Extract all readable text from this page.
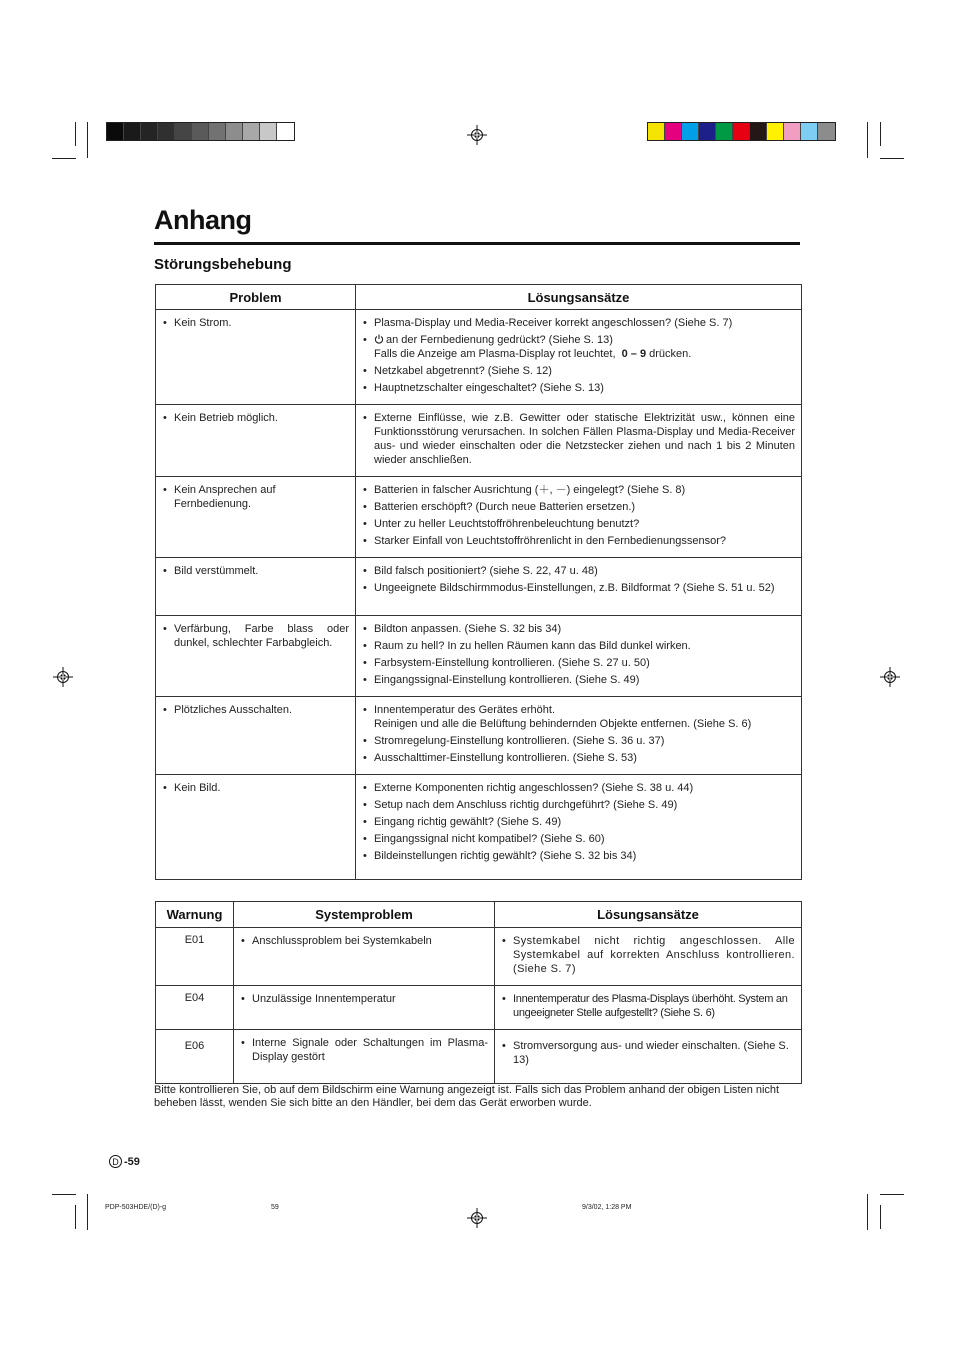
Anhang
Störungsbehebung
Problem	Lösungsansätze

• Kein Strom.	• Plasma-Display und Media-Receiver korrekt angeschlossen? (Siehe S. 7)
• an der Fernbedienung gedrückt? (Siehe S. 13)
Falls die Anzeige am Plasma-Display rot leuchtet, 0 – 9 drücken.
• Netzkabel abgetrennt? (Siehe S. 12)
• Hauptnetzschalter eingeschaltet? (Siehe S. 13)

• Kein Betrieb möglich.	• Externe Einflüsse, wie z.B. Gewitter oder statische Elektrizität usw., können eine Funktionsstörung verursachen. In solchen Fällen Plasma-Display und Media-Receiver aus- und wieder einschalten oder die Netzstecker ziehen und nach 1 bis 2 Minuten wieder anschließen.

• Kein Ansprechen auf Fernbedienung.	• Batterien in falscher Ausrichtung (＋, －) eingelegt? (Siehe S. 8)
• Batterien erschöpft? (Durch neue Batterien ersetzen.)
• Unter zu heller Leuchtstoffröhrenbeleuchtung benutzt?
• Starker Einfall von Leuchtstoffröhrenlicht in den Fernbedienungssensor?

• Bild verstümmelt.	• Bild falsch positioniert? (siehe S. 22, 47 u. 48)
• Ungeeignete Bildschirmmodus-Einstellungen, z.B. Bildformat ? (Siehe S. 51 u. 52)

• Verfärbung, Farbe blass oder dunkel, schlechter Farbabgleich.	• Bildton anpassen. (Siehe S. 32 bis 34)
• Raum zu hell? In zu hellen Räumen kann das Bild dunkel wirken.
• Farbsystem-Einstellung kontrollieren. (Siehe S. 27 u. 50)
• Eingangssignal-Einstellung kontrollieren. (Siehe S. 49)

• Plötzliches Ausschalten.	• Innentemperatur des Gerätes erhöht.
Reinigen und alle die Belüftung behindernden Objekte entfernen. (Siehe S. 6)
• Stromregelung-Einstellung kontrollieren. (Siehe S. 36 u. 37)
• Ausschalttimer-Einstellung kontrollieren. (Siehe S. 53)

• Kein Bild.	• Externe Komponenten richtig angeschlossen? (Siehe S. 38 u. 44)
• Setup nach dem Anschluss richtig durchgeführt? (Siehe S. 49)
• Eingang richtig gewählt? (Siehe S. 49)
• Eingangssignal nicht kompatibel? (Siehe S. 60)
• Bildeinstellungen richtig gewählt? (Siehe S. 32 bis 34)
Warnung	Systemproblem	Lösungsansätze

E01	• Anschlussproblem bei Systemkabeln	• Systemkabel nicht richtig angeschlossen. Alle Systemkabel auf korrekten Anschluss kontrollieren. (Siehe S. 7)

E04	• Unzulässige Innentemperatur	• Innentemperatur des Plasma-Displays überhöht. System an ungeeigneter Stelle aufgestellt? (Siehe S. 6)

E06	• Interne Signale oder Schaltungen im Plasma-Display gestört	• Stromversorgung aus- und wieder einschalten. (Siehe S. 13)
Bitte kontrollieren Sie, ob auf dem Bildschirm eine Warnung angezeigt ist. Falls sich das Problem anhand der obigen Listen nicht beheben lässt, wenden Sie sich bitte an den Händler, bei dem das Gerät erworben wurde.
D -59
PDP-503HDE/(D)-g	59	9/3/02, 1:28 PM
